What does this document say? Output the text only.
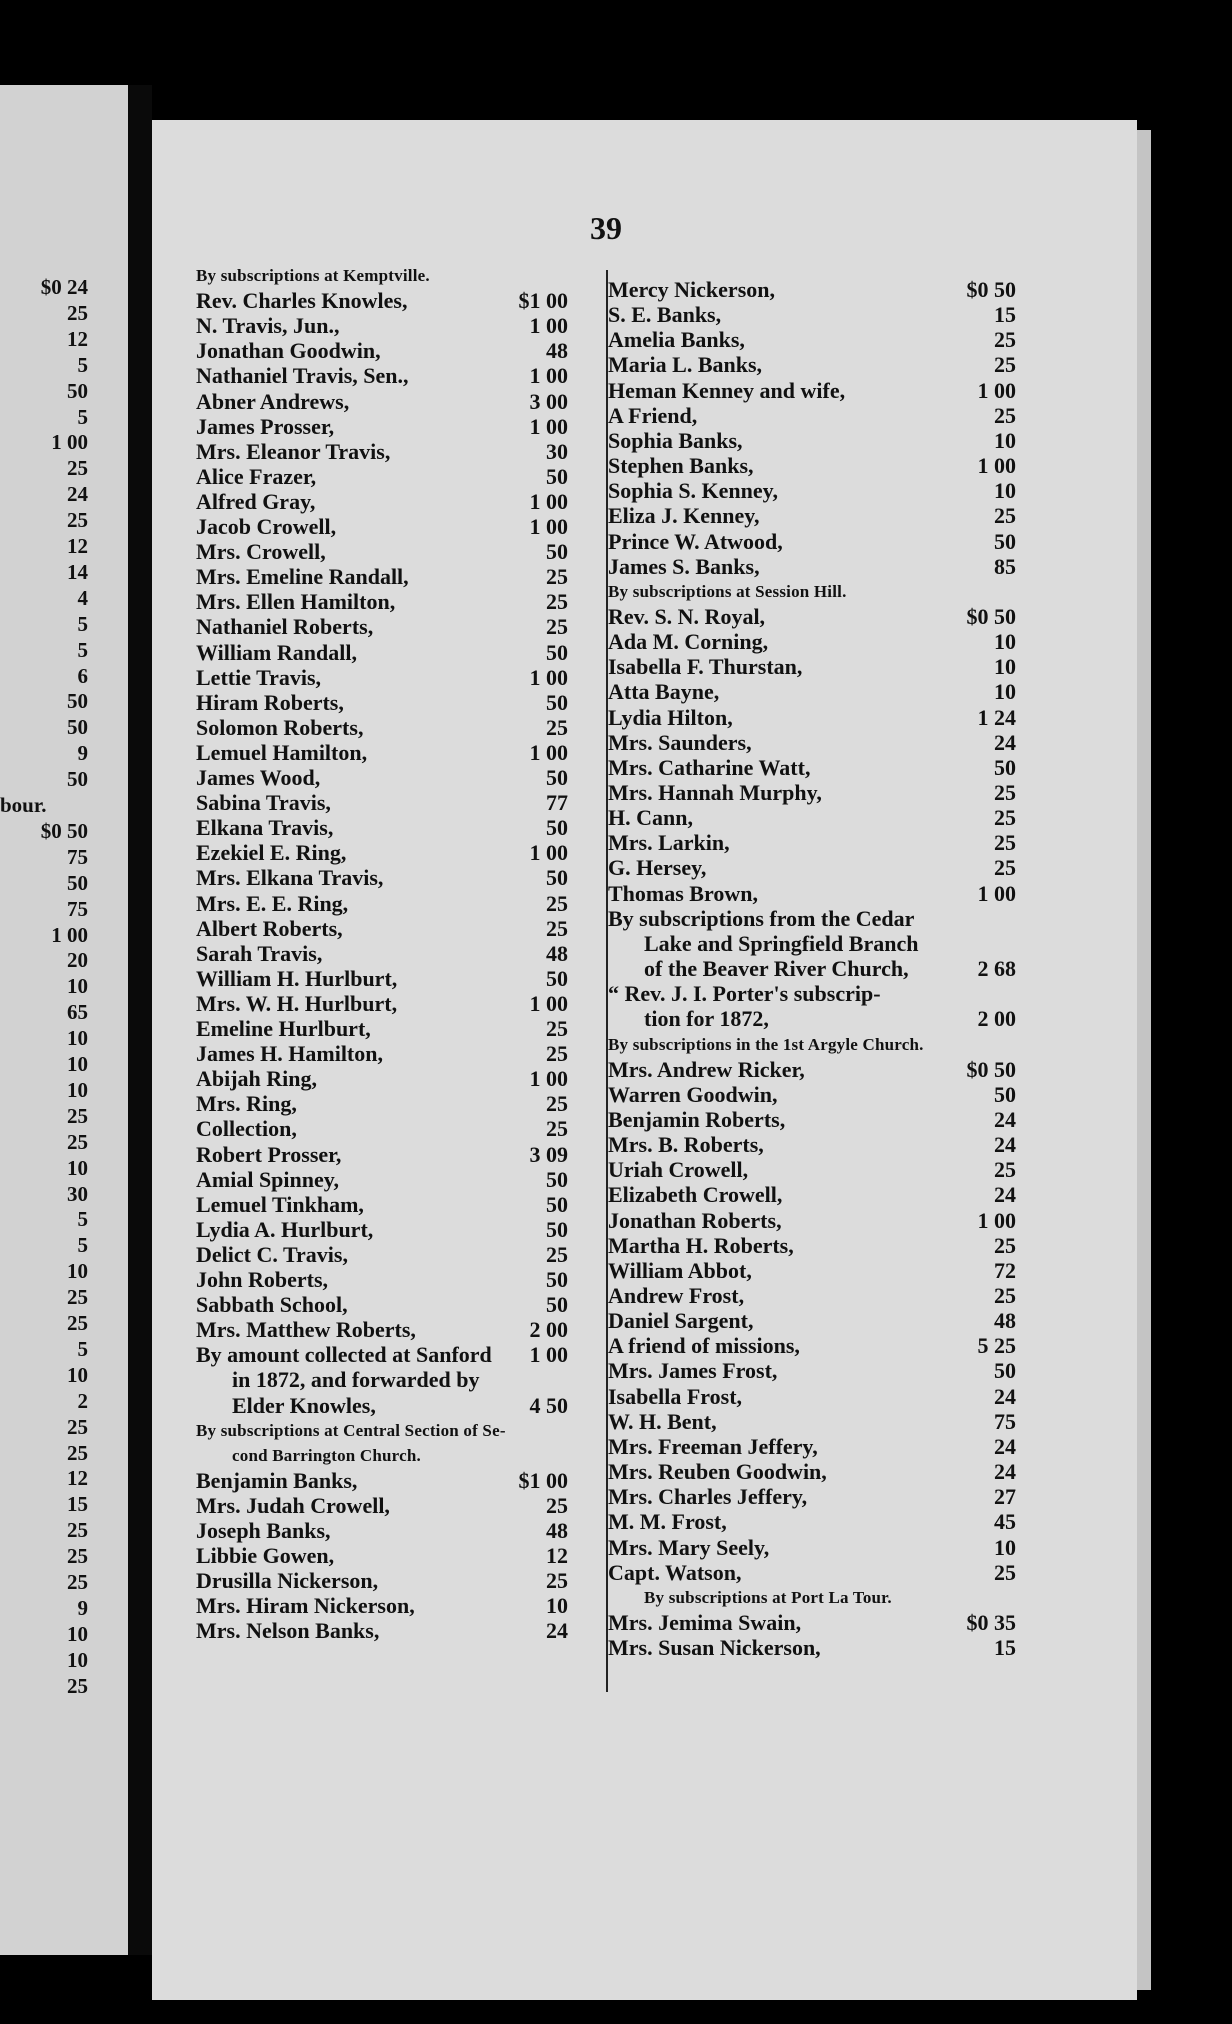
$0 24
25
12
5
50
5
1 00
25
24
25
12
14
4
5
5
6
50
50
9
50
bour.
$0 50
75
50
75
1 00
20
10
65
10
10
10
25
25
10
30
5
5
10
25
25
5
10
2
25
25
12
15
25
25
25
9
10
10
25
39
By subscriptions at Kemptville.
Rev. Charles Knowles,	$1 00
N. Travis, Jun.,	1 00
Jonathan Goodwin,	48
Nathaniel Travis, Sen.,	1 00
Abner Andrews,	3 00
James Prosser,	1 00
Mrs. Eleanor Travis,	30
Alice Frazer,	50
Alfred Gray,	1 00
Jacob Crowell,	1 00
Mrs. Crowell,	50
Mrs. Emeline Randall,	25
Mrs. Ellen Hamilton,	25
Nathaniel Roberts,	25
William Randall,	50
Lettie Travis,	1 00
Hiram Roberts,	50
Solomon Roberts,	25
Lemuel Hamilton,	1 00
James Wood,	50
Sabina Travis,	77
Elkana Travis,	50
Ezekiel E. Ring,	1 00
Mrs. Elkana Travis,	50
Mrs. E. E. Ring,	25
Albert Roberts,	25
Sarah Travis,	48
William H. Hurlburt,	50
Mrs. W. H. Hurlburt,	1 00
Emeline Hurlburt,	25
James H. Hamilton,	25
Abijah Ring,	1 00
Mrs. Ring,	25
Collection,	25
Robert Prosser,	3 09
Amial Spinney,	50
Lemuel Tinkham,	50
Lydia A. Hurlburt,	50
Delict C. Travis,	25
John Roberts,	50
Sabbath School,	50
Mrs. Matthew Roberts,	2 00
By amount collected at Sanford 1 00
in 1872, and forwarded by
Elder Knowles,	4 50
By subscriptions at Central Section of Se-
cond Barrington Church.
Benjamin Banks,	$1 00
Mrs. Judah Crowell,	25
Joseph Banks,	48
Libbie Gowen,	12
Drusilla Nickerson,	25
Mrs. Hiram Nickerson,	10
Mrs. Nelson Banks,	24
Mercy Nickerson,	$0 50
S. E. Banks,	15
Amelia Banks,	25
Maria L. Banks,	25
Heman Kenney and wife,	1 00
A Friend,	25
Sophia Banks,	10
Stephen Banks,	1 00
Sophia S. Kenney,	10
Eliza J. Kenney,	25
Prince W. Atwood,	50
James S. Banks,	85
By subscriptions at Session Hill.
Rev. S. N. Royal,	$0 50
Ada M. Corning,	10
Isabella F. Thurstan,	10
Atta Bayne,	10
Lydia Hilton,	1 24
Mrs. Saunders,	24
Mrs. Catharine Watt,	50
Mrs. Hannah Murphy,	25
H. Cann,	25
Mrs. Larkin,	25
G. Hersey,	25
Thomas Brown,	1 00
By subscriptions from the Cedar
Lake and Springfield Branch
of the Beaver River Church,	2 68
“ Rev. J. I. Porter's subscrip-
tion for 1872,	2 00
By subscriptions in the 1st Argyle Church.
Mrs. Andrew Ricker,	$0 50
Warren Goodwin,	50
Benjamin Roberts,	24
Mrs. B. Roberts,	24
Uriah Crowell,	25
Elizabeth Crowell,	24
Jonathan Roberts,	1 00
Martha H. Roberts,	25
William Abbot,	72
Andrew Frost,	25
Daniel Sargent,	48
A friend of missions,	5 25
Mrs. James Frost,	50
Isabella Frost,	24
W. H. Bent,	75
Mrs. Freeman Jeffery,	24
Mrs. Reuben Goodwin,	24
Mrs. Charles Jeffery,	27
M. M. Frost,	45
Mrs. Mary Seely,	10
Capt. Watson,	25
By subscriptions at Port La Tour.
Mrs. Jemima Swain,	$0 35
Mrs. Susan Nickerson,	15
